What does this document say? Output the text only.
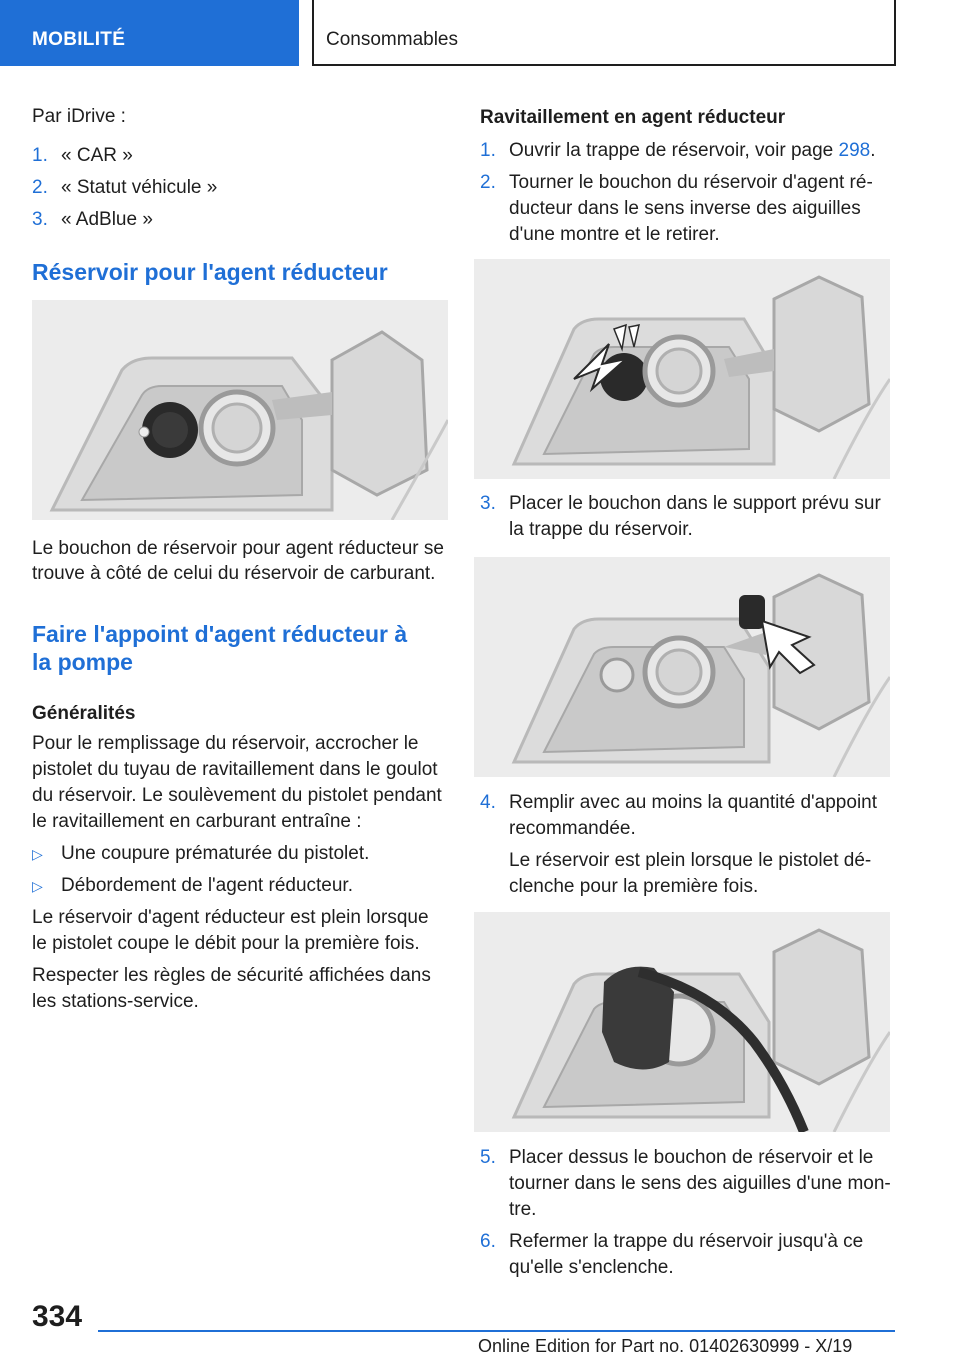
MOBILITÉ	Consommables

Par iDrive :

1. « CAR »
2. « Statut véhicule »
3. « AdBlue »
Réservoir pour l'agent réducteur

Le bouchon de réservoir pour agent réducteur se

trouve à côté de celui du réservoir de carburant.

Faire l'appoint d'agent réducteur à
la pompe
Généralités

Pour le remplissage du réservoir, accrocher le

pistolet du tuyau de ravitaillement dans le goulot

du réservoir. Le soulèvement du pistolet pendant

le ravitaillement en carburant entraîne :

▷ Une coupure prématurée du pistolet.
▷ Débordement de l'agent réducteur.

Le réservoir d'agent réducteur est plein lorsque

le pistolet coupe le débit pour la première fois.

Respecter les règles de sécurité affichées dans

les stations-service.

Ravitaillement en agent réducteur
1. Ouvrir la trappe de réservoir, voir page 298.
2. Tourner le bouchon du réservoir d'agent ré-
ducteur dans le sens inverse des aiguilles
d'une montre et le retirer.
3. Placer le bouchon dans le support prévu sur
la trappe du réservoir.
4. Remplir avec au moins la quantité d'appoint
recommandée.
Le réservoir est plein lorsque le pistolet dé-
clenche pour la première fois.
5. Placer dessus le bouchon de réservoir et le
tourner dans le sens des aiguilles d'une mon-
tre.
6. Refermer la trappe du réservoir jusqu'à ce
qu'elle s'enclenche.
334
Online Edition for Part no. 01402630999 - X/19
